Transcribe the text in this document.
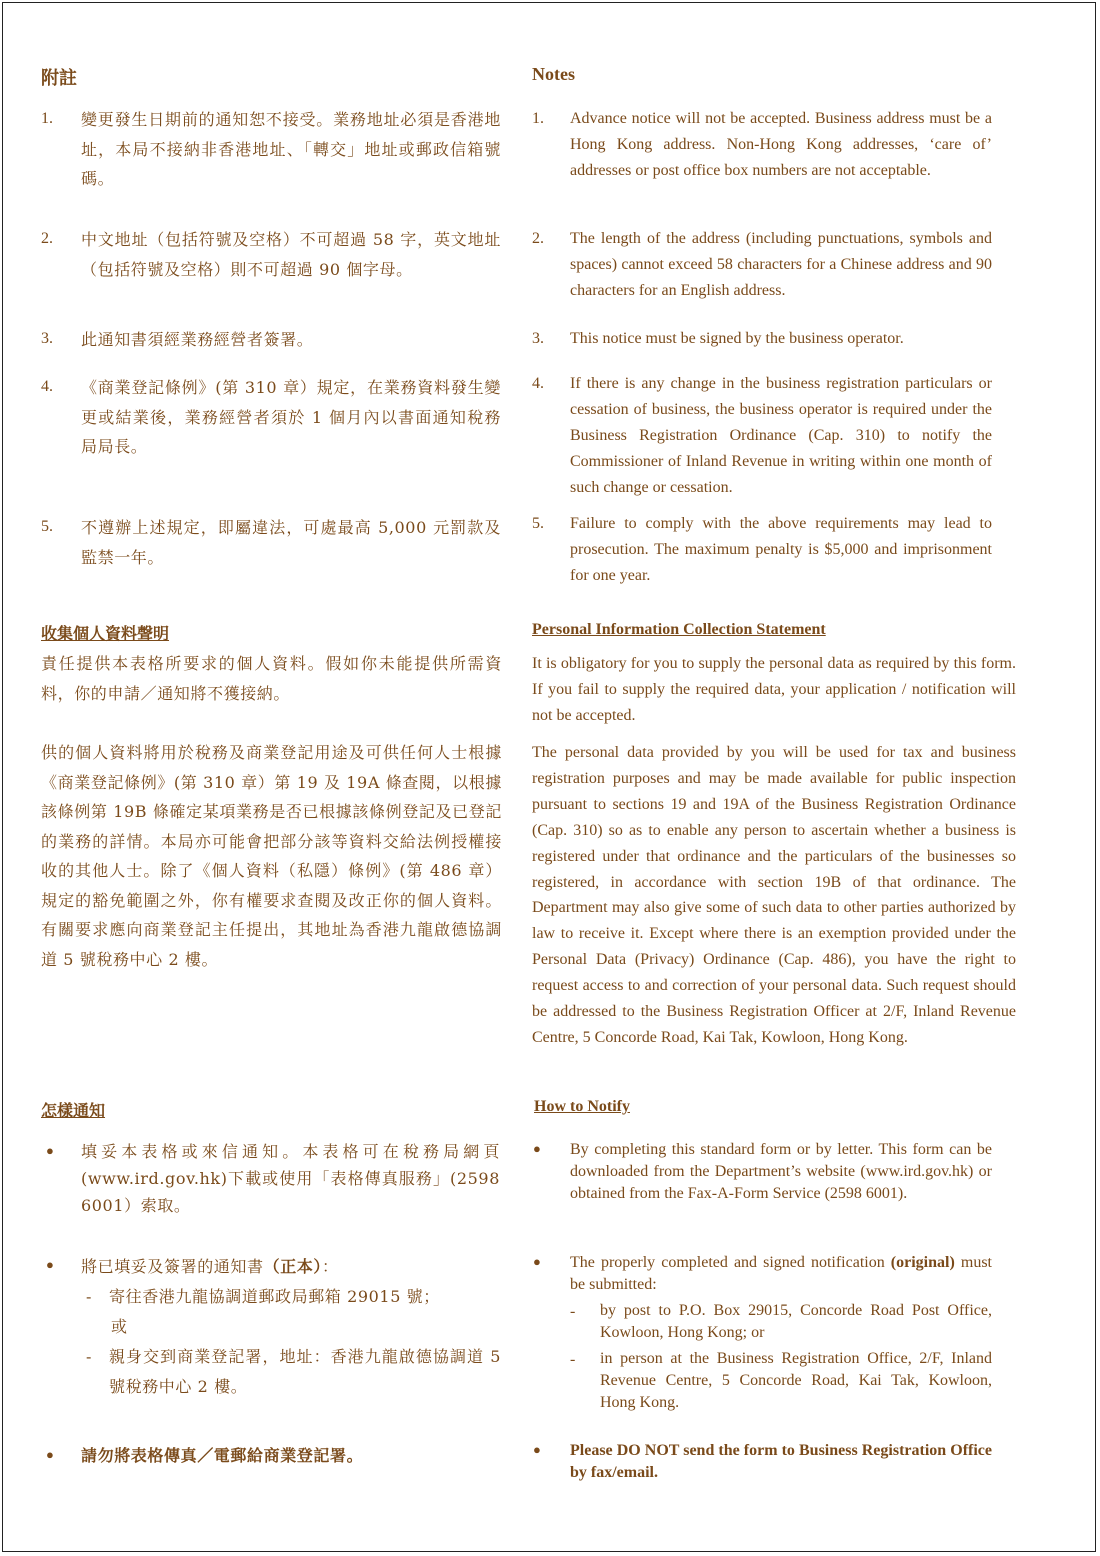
附註
1. 變更發生日期前的通知恕不接受。業務地址必須是香港地址，本局不接納非香港地址、「轉交」地址或郵政信箱號碼。
2. 中文地址（包括符號及空格）不可超過 58 字，英文地址（包括符號及空格）則不可超過 90 個字母。
3. 此通知書須經業務經營者簽署。
4. 《商業登記條例》(第 310 章）規定，在業務資料發生變更或結業後，業務經營者須於 1 個月內以書面通知稅務局局長。
5. 不遵辦上述規定，即屬違法，可處最高 5,000 元罰款及監禁一年。
收集個人資料聲明
責任提供本表格所要求的個人資料。假如你未能提供所需資料，你的申請／通知將不獲接納。
供的個人資料將用於稅務及商業登記用途及可供任何人士根據《商業登記條例》(第 310 章）第 19 及 19A 條查閱，以根據該條例第 19B 條確定某項業務是否已根據該條例登記及已登記的業務的詳情。本局亦可能會把部分該等資料交給法例授權接收的其他人士。除了《個人資料（私隱）條例》(第 486 章）規定的豁免範圍之外，你有權要求查閱及改正你的個人資料。有關要求應向商業登記主任提出，其地址為香港九龍啟德協調道 5 號稅務中心 2 樓。
怎樣通知
● 填妥本表格或來信通知。本表格可在稅務局網頁(www.ird.gov.hk)下載或使用「表格傳真服務」(2598 6001）索取。
● 將已填妥及簽署的通知書（正本）：
- 寄往香港九龍協調道郵政局郵箱 29015 號；
或
- 親身交到商業登記署，地址：香港九龍啟德協調道 5 號稅務中心 2 樓。
● 請勿將表格傳真／電郵給商業登記署。
Notes
1. Advance notice will not be accepted. Business address must be a Hong Kong address. Non-Hong Kong addresses, ‘care of’ addresses or post office box numbers are not acceptable.
2. The length of the address (including punctuations, symbols and spaces) cannot exceed 58 characters for a Chinese address and 90 characters for an English address.
3. This notice must be signed by the business operator.
4. If there is any change in the business registration particulars or cessation of business, the business operator is required under the Business Registration Ordinance (Cap. 310) to notify the Commissioner of Inland Revenue in writing within one month of such change or cessation.
5. Failure to comply with the above requirements may lead to prosecution. The maximum penalty is $5,000 and imprisonment for one year.
Personal Information Collection Statement
It is obligatory for you to supply the personal data as required by this form. If you fail to supply the required data, your application / notification will not be accepted.
The personal data provided by you will be used for tax and business registration purposes and may be made available for public inspection pursuant to sections 19 and 19A of the Business Registration Ordinance (Cap. 310) so as to enable any person to ascertain whether a business is registered under that ordinance and the particulars of the businesses so registered, in accordance with section 19B of that ordinance. The Department may also give some of such data to other parties authorized by law to receive it. Except where there is an exemption provided under the Personal Data (Privacy) Ordinance (Cap. 486), you have the right to request access to and correction of your personal data. Such request should be addressed to the Business Registration Officer at 2/F, Inland Revenue Centre, 5 Concorde Road, Kai Tak, Kowloon, Hong Kong.
How to Notify
● By completing this standard form or by letter. This form can be downloaded from the Department’s website (www.ird.gov.hk) or obtained from the Fax-A-Form Service (2598 6001).
● The properly completed and signed notification (original) must be submitted:
- by post to P.O. Box 29015, Concorde Road Post Office, Kowloon, Hong Kong; or
- in person at the Business Registration Office, 2/F, Inland Revenue Centre, 5 Concorde Road, Kai Tak, Kowloon, Hong Kong.
● Please DO NOT send the form to Business Registration Office by fax/email.
